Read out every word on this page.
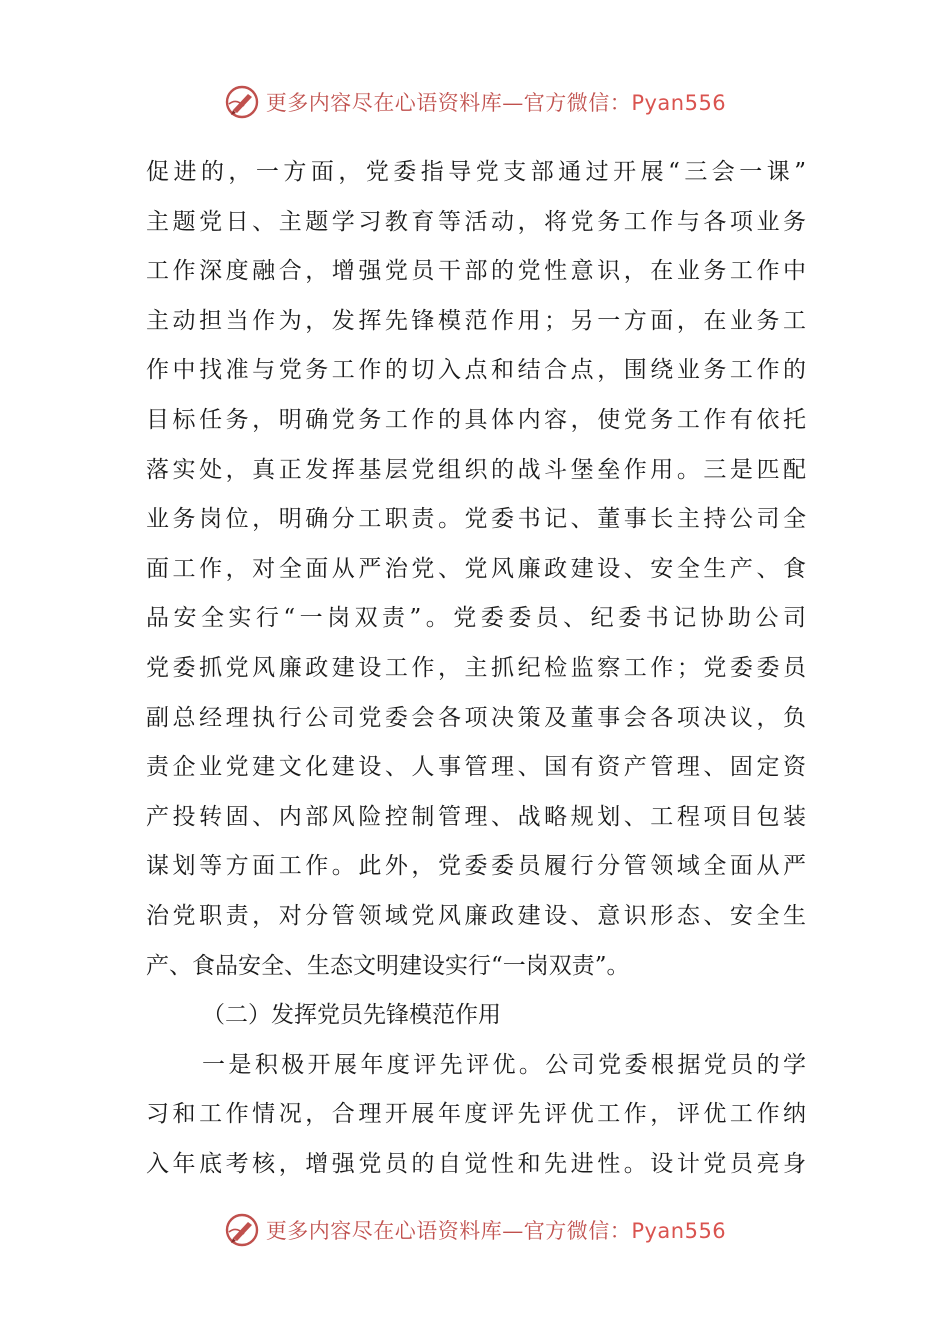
更多内容尽在心语资料库—官方微信：Pyan556
促进的，一方面，党委指导党支部通过开展“三会一课”
主题党日、主题学习教育等活动，将党务工作与各项业务
工作深度融合，增强党员干部的党性意识，在业务工作中
主动担当作为，发挥先锋模范作用；另一方面，在业务工
作中找准与党务工作的切入点和结合点，围绕业务工作的
目标任务，明确党务工作的具体内容，使党务工作有依托
落实处，真正发挥基层党组织的战斗堡垒作用。三是匹配
业务岗位，明确分工职责。党委书记、董事长主持公司全
面工作，对全面从严治党、党风廉政建设、安全生产、食
品安全实行“一岗双责”。党委委员、纪委书记协助公司
党委抓党风廉政建设工作，主抓纪检监察工作；党委委员
副总经理执行公司党委会各项决策及董事会各项决议，负
责企业党建文化建设、人事管理、国有资产管理、固定资
产投转固、内部风险控制管理、战略规划、工程项目包装
谋划等方面工作。此外，党委委员履行分管领域全面从严
治党职责，对分管领域党风廉政建设、意识形态、安全生
产、食品安全、生态文明建设实行“一岗双责”。
（二）发挥党员先锋模范作用
一是积极开展年度评先评优。公司党委根据党员的学
习和工作情况，合理开展年度评先评优工作，评优工作纳
入年底考核，增强党员的自觉性和先进性。设计党员亮身
更多内容尽在心语资料库—官方微信：Pyan556
